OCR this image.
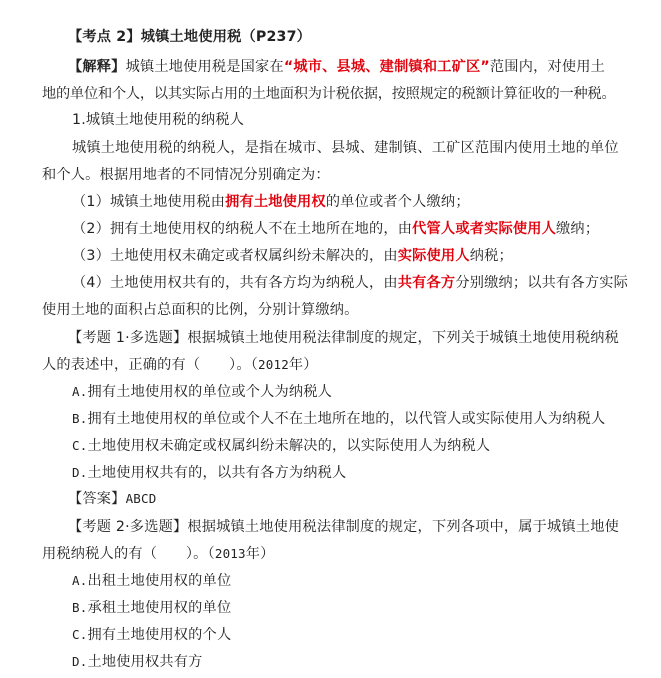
【考点 2】城镇土地使用税（P237）
【解释】城镇土地使用税是国家在“城市、县城、建制镇和工矿区”范围内，对使用土
地的单位和个人，以其实际占用的土地面积为计税依据，按照规定的税额计算征收的一种税。
1.城镇土地使用税的纳税人
城镇土地使用税的纳税人，是指在城市、县城、建制镇、工矿区范围内使用土地的单位
和个人。根据用地者的不同情况分别确定为：
（1）城镇土地使用税由拥有土地使用权的单位或者个人缴纳；
（2）拥有土地使用权的纳税人不在土地所在地的，由代管人或者实际使用人缴纳；
（3）土地使用权未确定或者权属纠纷未解决的，由实际使用人纳税；
（4）土地使用权共有的，共有各方均为纳税人，由共有各方分别缴纳；以共有各方实际
使用土地的面积占总面积的比例，分别计算缴纳。
【考题 1·多选题】根据城镇土地使用税法律制度的规定，下列关于城镇土地使用税纳税
人的表述中，正确的有（　　）。（2012年）
A.拥有土地使用权的单位或个人为纳税人
B.拥有土地使用权的单位或个人不在土地所在地的，以代管人或实际使用人为纳税人
C.土地使用权未确定或权属纠纷未解决的，以实际使用人为纳税人
D.土地使用权共有的，以共有各方为纳税人
【答案】ABCD
【考题 2·多选题】根据城镇土地使用税法律制度的规定，下列各项中，属于城镇土地使
用税纳税人的有（　　）。（2013年）
A.出租土地使用权的单位
B.承租土地使用权的单位
C.拥有土地使用权的个人
D.土地使用权共有方
